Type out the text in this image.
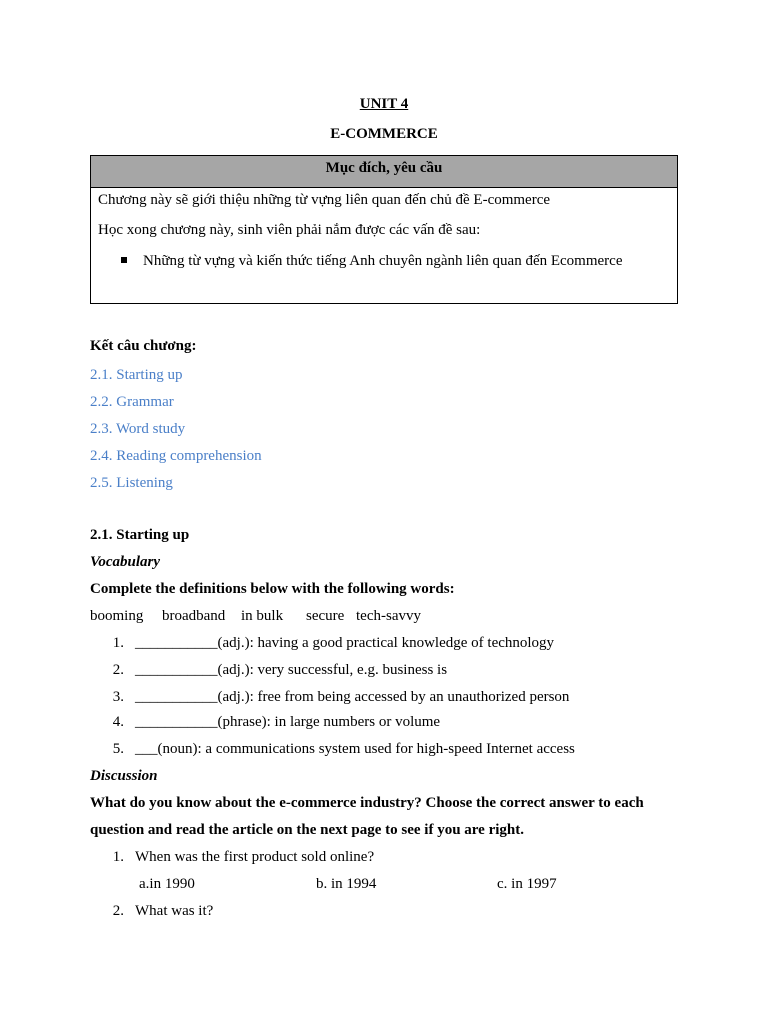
UNIT 4
E-COMMERCE
Mục đích, yêu cầu
Chương này sẽ giới thiệu những từ vựng liên quan đến chủ đề E-commerce
Học xong chương này, sinh viên phải nắm được các vấn đề sau:
Những từ vựng và kiến thức tiếng Anh chuyên ngành liên quan đến Ecommerce
Kết câu chương:
2.1. Starting up
2.2. Grammar
2.3. Word study
2.4. Reading comprehension
2.5. Listening
2.1. Starting up
Vocabulary
Complete the definitions below with the following words:
booming broadband in bulk secure tech-savvy
1. ___________(adj.): having a good practical knowledge of technology
2. ___________(adj.): very successful, e.g. business is
3. ___________(adj.): free from being accessed by an unauthorized person
4. ___________(phrase): in large numbers or volume
5. ___(noun): a communications system used for high-speed Internet access
Discussion
What do you know about the e-commerce industry? Choose the correct answer to each
question and read the article on the next page to see if you are right.
1. When was the first product sold online?
a.in 1990	b. in 1994	c. in 1997
2. What was it?
